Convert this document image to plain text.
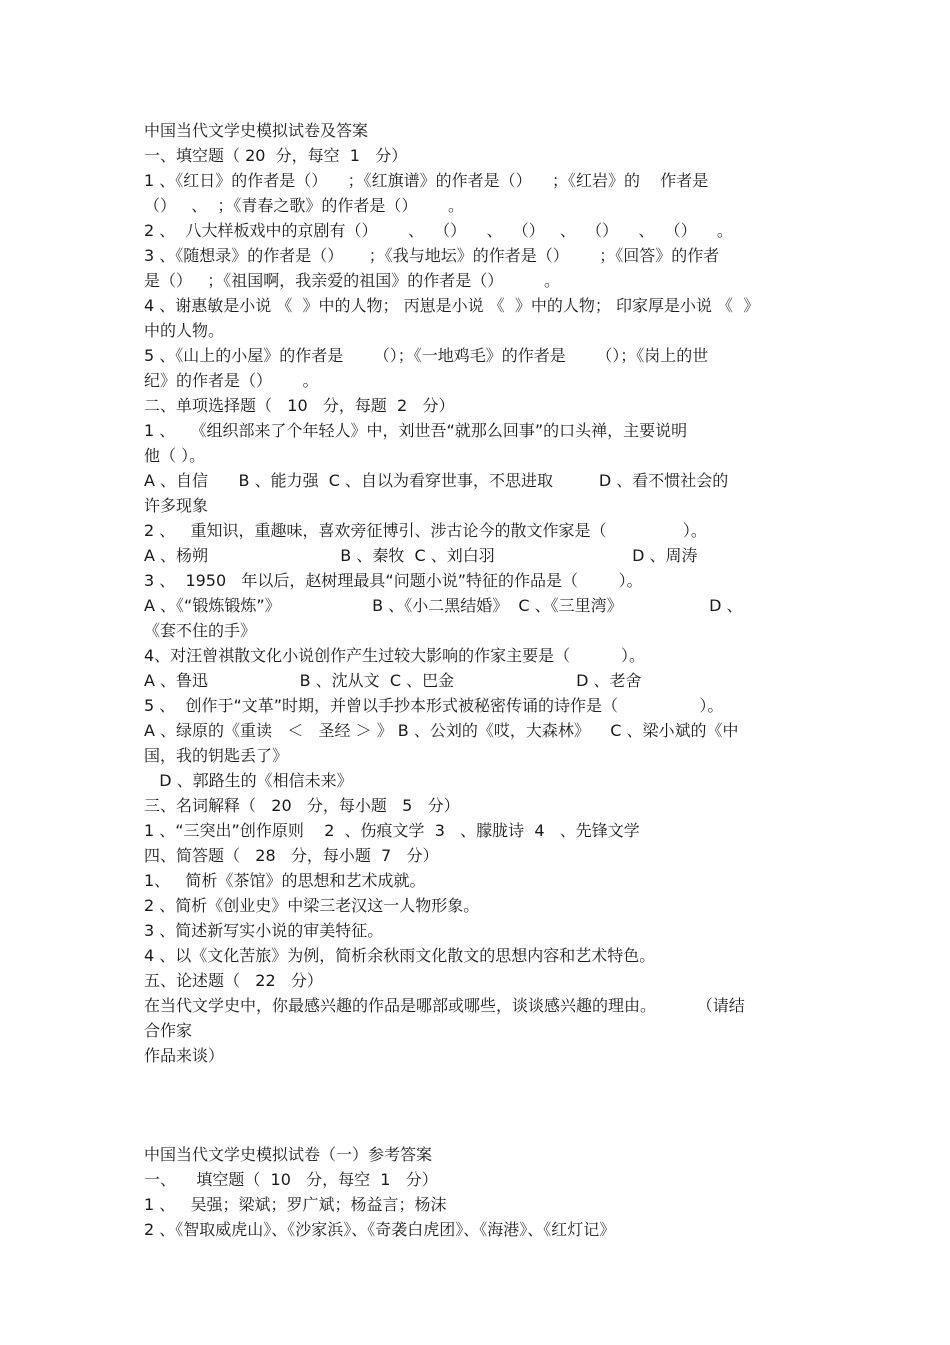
中国当代文学史模拟试卷及答案
一、填空题（ 20  分，每空  1   分）
1 、《红日》的作者是（）    ；《红旗谱》的作者是（）    ；《红岩》的    作者是
（）   、  ；《青春之歌》的作者是（）      。
2 、  八大样板戏中的京剧有（）      、  （）    、  （）   、  （）    、  （）    。
3 、《随想录》的作者是（）     ；《我与地坛》的作者是（）      ；《回答》的作者
是（）   ；《祖国啊，我亲爱的祖国》的作者是（）        。
4 、谢惠敏是小说 《  》中的人物； 丙崽是小说 《  》中的人物； 印家厚是小说 《  》
中的人物。
5 、《山上的小屋》的作者是      （）；《一地鸡毛》的作者是      （）；《岗上的世
纪》的作者是（）      。
二、单项选择题（   10   分，每题  2   分）
1 、   《组织部来了个年轻人》中，刘世吾“就那么回事”的口头禅，主要说明
他（ ）。
A 、自信      B 、能力强  C 、自以为看穿世事，不思进取         D 、看不惯社会的
许多现象
2 、   重知识，重趣味，喜欢旁征博引、涉古论今的散文作家是（               ）。
A 、杨朔                          B 、秦牧  C 、刘白羽                           D 、周涛
3 、  1950   年以后，赵树理最具“问题小说”特征的作品是（        ）。
A 、《“锻炼锻炼”》                  B 、《小二黑结婚》  C 、《三里湾》                 D 、
《套不住的手》
4、对汪曾祺散文化小说创作产生过较大影响的作家主要是（          ）。
A 、鲁迅                  B 、沈从文  C 、巴金                        D 、老舍
5 、  创作于“文革”时期，并曾以手抄本形式被秘密传诵的诗作是（                ）。
A 、绿原的《重读   ＜   圣经 ＞ 》 B 、公刘的《哎，大森林》    C 、梁小斌的《中
国，我的钥匙丢了》
D 、郭路生的《相信未来》
三、名词解释（   20   分，每小题   5   分）
1 、“三突出”创作原则    2  、伤痕文学  3   、朦胧诗  4   、先锋文学
四、简答题（   28   分，每小题  7   分）
1、   简析《茶馆》的思想和艺术成就。
2 、简析《创业史》中梁三老汉这一人物形象。
3 、简述新写实小说的审美特征。
4 、以《文化苦旅》为例，简析余秋雨文化散文的思想内容和艺术特色。
五、论述题（   22   分）
在当代文学史中，你最感兴趣的作品是哪部或哪些，谈谈感兴趣的理由。        （请结
合作家
作品来谈）
中国当代文学史模拟试卷（一）参考答案
一、    填空题（  10   分，每空  1   分）
1 、   吴强；梁斌；罗广斌；杨益言；杨沫
2 、《智取威虎山》、《沙家浜》、《奇袭白虎团》、《海港》、《红灯记》
